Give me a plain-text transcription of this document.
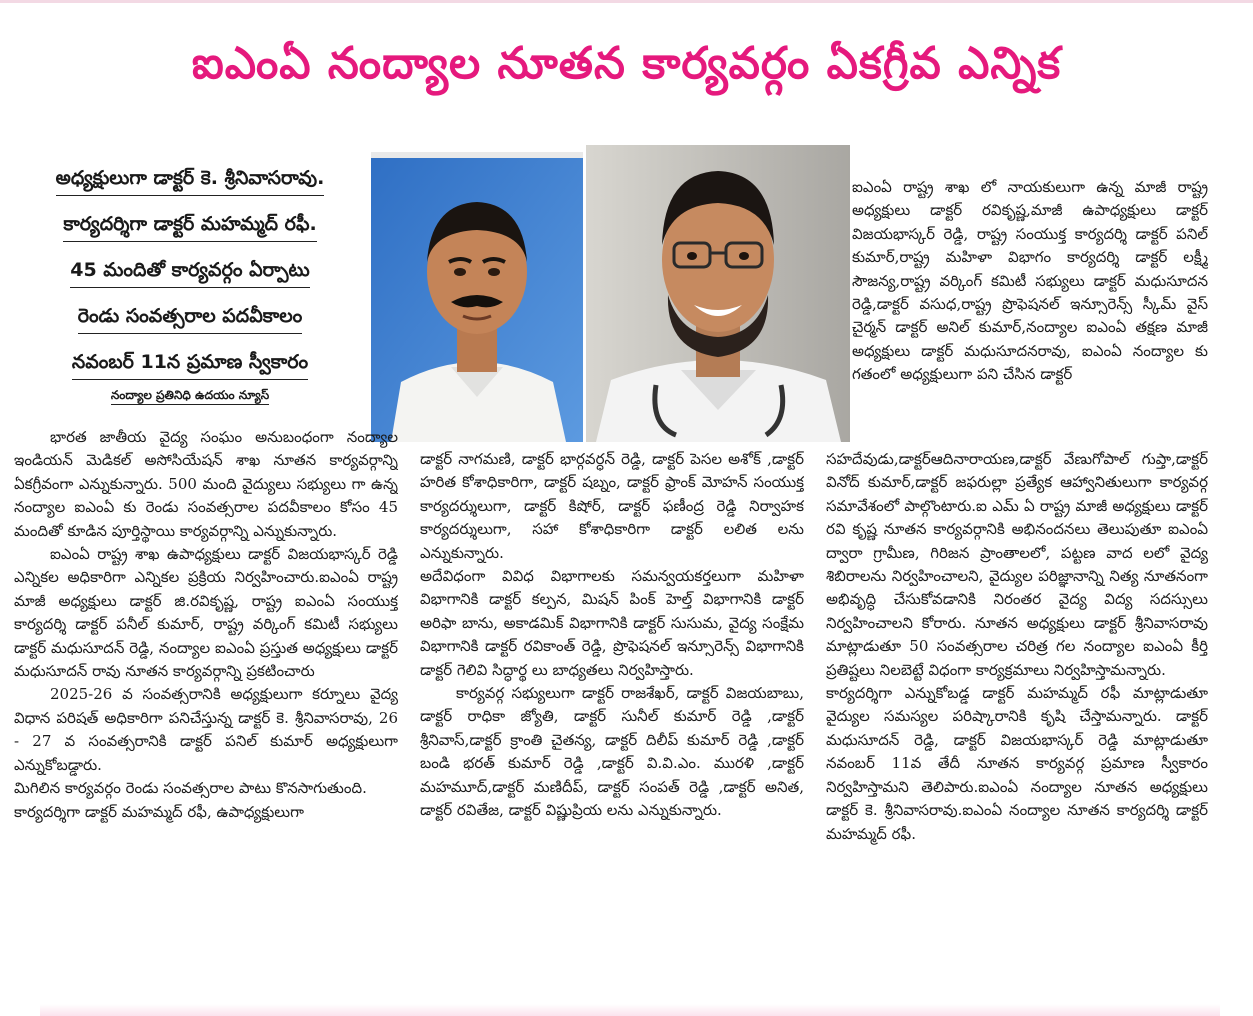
ఐఎంఏ నంద్యాల నూతన కార్యవర్గం ఏకగ్రీవ ఎన్నిక
అధ్యక్షులుగా డాక్టర్ కె. శ్రీనివాసరావు.
కార్యదర్శిగా డాక్టర్ మహమ్మద్ రఫీ.
45 మందితో కార్యవర్గం ఏర్పాటు
రెండు సంవత్సరాల పదవీకాలం
నవంబర్ 11న ప్రమాణ స్వీకారం
నంద్యాల ప్రతినిధి ఉదయం న్యూస్

భారత జాతీయ వైద్య సంఘం అనుబంధంగా నంద్యాల ఇండియన్ మెడికల్ అసోసియేషన్ శాఖ నూతన కార్యవర్గాన్ని ఏకగ్రీవంగా ఎన్నుకున్నారు. 500 మంది వైద్యులు సభ్యులు గా ఉన్న నంద్యాల ఐఎంఏ కు రెండు సంవత్సరాల పదవీకాలం కోసం 45 మందితో కూడిన పూర్తిస్థాయి కార్యవర్గాన్ని ఎన్నుకున్నారు.

ఐఎంఏ రాష్ట్ర శాఖ ఉపాధ్యక్షులు డాక్టర్ విజయభాస్కర్ రెడ్డి ఎన్నికల అధికారిగా ఎన్నికల ప్రక్రియ నిర్వహించారు.ఐఎంఏ రాష్ట్ర మాజీ అధ్యక్షులు డాక్టర్ జి.రవికృష్ణ, రాష్ట్ర ఐఎంఏ సంయుక్త కార్యదర్శి డాక్టర్ పనీల్ కుమార్, రాష్ట్ర వర్కింగ్ కమిటీ సభ్యులు డాక్టర్ మధుసూదన్ రెడ్డి, నంద్యాల ఐఎంఏ ప్రస్తుత అధ్యక్షులు డాక్టర్ మధుసూదన్ రావు నూతన కార్యవర్గాన్ని ప్రకటించారు

2025-26 వ సంవత్సరానికి అధ్యక్షులుగా కర్నూలు వైద్య విధాన పరిషత్ అధికారిగా పనిచేస్తున్న డాక్టర్ కె. శ్రీనివాసరావు, 26 - 27 వ సంవత్సరానికి డాక్టర్ పనిల్ కుమార్ అధ్యక్షులుగా ఎన్నుకోబడ్డారు.

మిగిలిన కార్యవర్గం రెండు సంవత్సరాల పాటు కొనసాగుతుంది.

కార్యదర్శిగా డాక్టర్ మహమ్మద్ రఫీ, ఉపాధ్యక్షులుగా

డాక్టర్ నాగమణి, డాక్టర్ భార్గవర్ధన్ రెడ్డి, డాక్టర్ పెసల అశోక్ ,డాక్టర్ హరిత కోశాధికారిగా, డాక్టర్ షబ్నం, డాక్టర్ ఫ్రాంక్ మోహన్ సంయుక్త కార్యదర్శులుగా, డాక్టర్ కిషోర్, డాక్టర్ ఫణీంద్ర రెడ్డి నిర్వాహక కార్యదర్శులుగా, సహా కోశాధికారిగా డాక్టర్ లలిత లను ఎన్నుకున్నారు.

అదేవిధంగా వివిధ విభాగాలకు సమన్వయకర్తలుగా మహిళా విభాగానికి డాక్టర్ కల్పన, మిషన్ పింక్ హెల్త్ విభాగానికి డాక్టర్ అరిఫా బాను, అకాడమిక్ విభాగానికి డాక్టర్ సుసుమ, వైద్య సంక్షేమ విభాగానికి డాక్టర్ రవికాంత్ రెడ్డి, ప్రొఫెషనల్ ఇన్సూరెన్స్ విభాగానికి డాక్టర్ గెలివి సిద్ధార్థ లు బాధ్యతలు నిర్వహిస్తారు.

కార్యవర్గ సభ్యులుగా డాక్టర్ రాజశేఖర్, డాక్టర్ విజయబాబు, డాక్టర్ రాధికా జ్యోతి, డాక్టర్ సునీల్ కుమార్ రెడ్డి ,డాక్టర్ శ్రీనివాస్,డాక్టర్ క్రాంతి చైతన్య, డాక్టర్ దిలీప్ కుమార్ రెడ్డి ,డాక్టర్ బండి భరత్ కుమార్ రెడ్డి ,డాక్టర్ వి.వి.ఎం. మురళి ,డాక్టర్ మహమూద్,డాక్టర్ మణిదీప్, డాక్టర్ సంపత్ రెడ్డి ,డాక్టర్ అనిత, డాక్టర్ రవితేజ, డాక్టర్ విష్ణుప్రియ లను ఎన్నుకున్నారు.

ఐఎంఏ రాష్ట్ర శాఖ లో నాయకులుగా ఉన్న మాజీ రాష్ట్ర అధ్యక్షులు డాక్టర్ రవికృష్ణ,మాజీ ఉపాధ్యక్షులు డాక్టర్ విజయభాస్కర్ రెడ్డి, రాష్ట్ర సంయుక్త కార్యదర్శి డాక్టర్ పనిల్ కుమార్,రాష్ట్ర మహిళా విభాగం కార్యదర్శి డాక్టర్ లక్ష్మీ సౌజన్య,రాష్ట్ర వర్కింగ్ కమిటీ సభ్యులు డాక్టర్ మధుసూదన రెడ్డి,డాక్టర్ వసుధ,రాష్ట్ర ప్రొఫెషనల్ ఇన్సూరెన్స్ స్కీమ్ వైస్ చైర్మన్ డాక్టర్ అనిల్ కుమార్,నంద్యాల ఐఎంఏ తక్షణ మాజీ అధ్యక్షులు డాక్టర్ మధుసూదనరావు, ఐఎంఏ నంద్యాల కు గతంలో అధ్యక్షులుగా పని చేసిన డాక్టర్

సహదేవుడు,డాక్టర్ఆదినారాయణ,డాక్టర్ వేణుగోపాల్ గుప్తా,డాక్టర్ వినోద్ కుమార్,డాక్టర్ జఫరుల్లా ప్రత్యేక ఆహ్వానితులుగా కార్యవర్గ సమావేశంలో పాల్గొంటారు.ఐ ఎమ్ ఏ రాష్ట్ర మాజీ అధ్యక్షులు డాక్టర్ రవి కృష్ణ నూతన కార్యవర్గానికి అభినందనలు తెలుపుతూ ఐఎంఏ ద్వారా గ్రామీణ, గిరిజన ప్రాంతాలలో, పట్టణ వాద లలో వైద్య శిబిరాలను నిర్వహించాలని, వైద్యుల పరిజ్ఞానాన్ని నిత్య నూతనంగా అభివృద్ధి చేసుకోవడానికి నిరంతర వైద్య విద్య సదస్సులు నిర్వహించాలని కోరారు. నూతన అధ్యక్షులు డాక్టర్ శ్రీనివాసరావు మాట్లాడుతూ 50 సంవత్సరాల చరిత్ర గల నంద్యాల ఐఎంఏ కీర్తి ప్రతిష్టలు నిలబెట్టే విధంగా కార్యక్రమాలు నిర్వహిస్తామన్నారు.

కార్యదర్శిగా ఎన్నుకోబడ్డ డాక్టర్ మహమ్మద్ రఫీ మాట్లాడుతూ వైద్యుల సమస్యల పరిష్కారానికి కృషి చేస్తామన్నారు. డాక్టర్ మధుసూదన్ రెడ్డి, డాక్టర్ విజయభాస్కర్ రెడ్డి మాట్లాడుతూ నవంబర్ 11వ తేదీ నూతన కార్యవర్గ ప్రమాణ స్వీకారం నిర్వహిస్తామని తెలిపారు.ఐఎంఏ నంద్యాల నూతన అధ్యక్షులు డాక్టర్ కె. శ్రీనివాసరావు.ఐఎంఏ నంద్యాల నూతన కార్యదర్శి డాక్టర్ మహమ్మద్ రఫీ.
